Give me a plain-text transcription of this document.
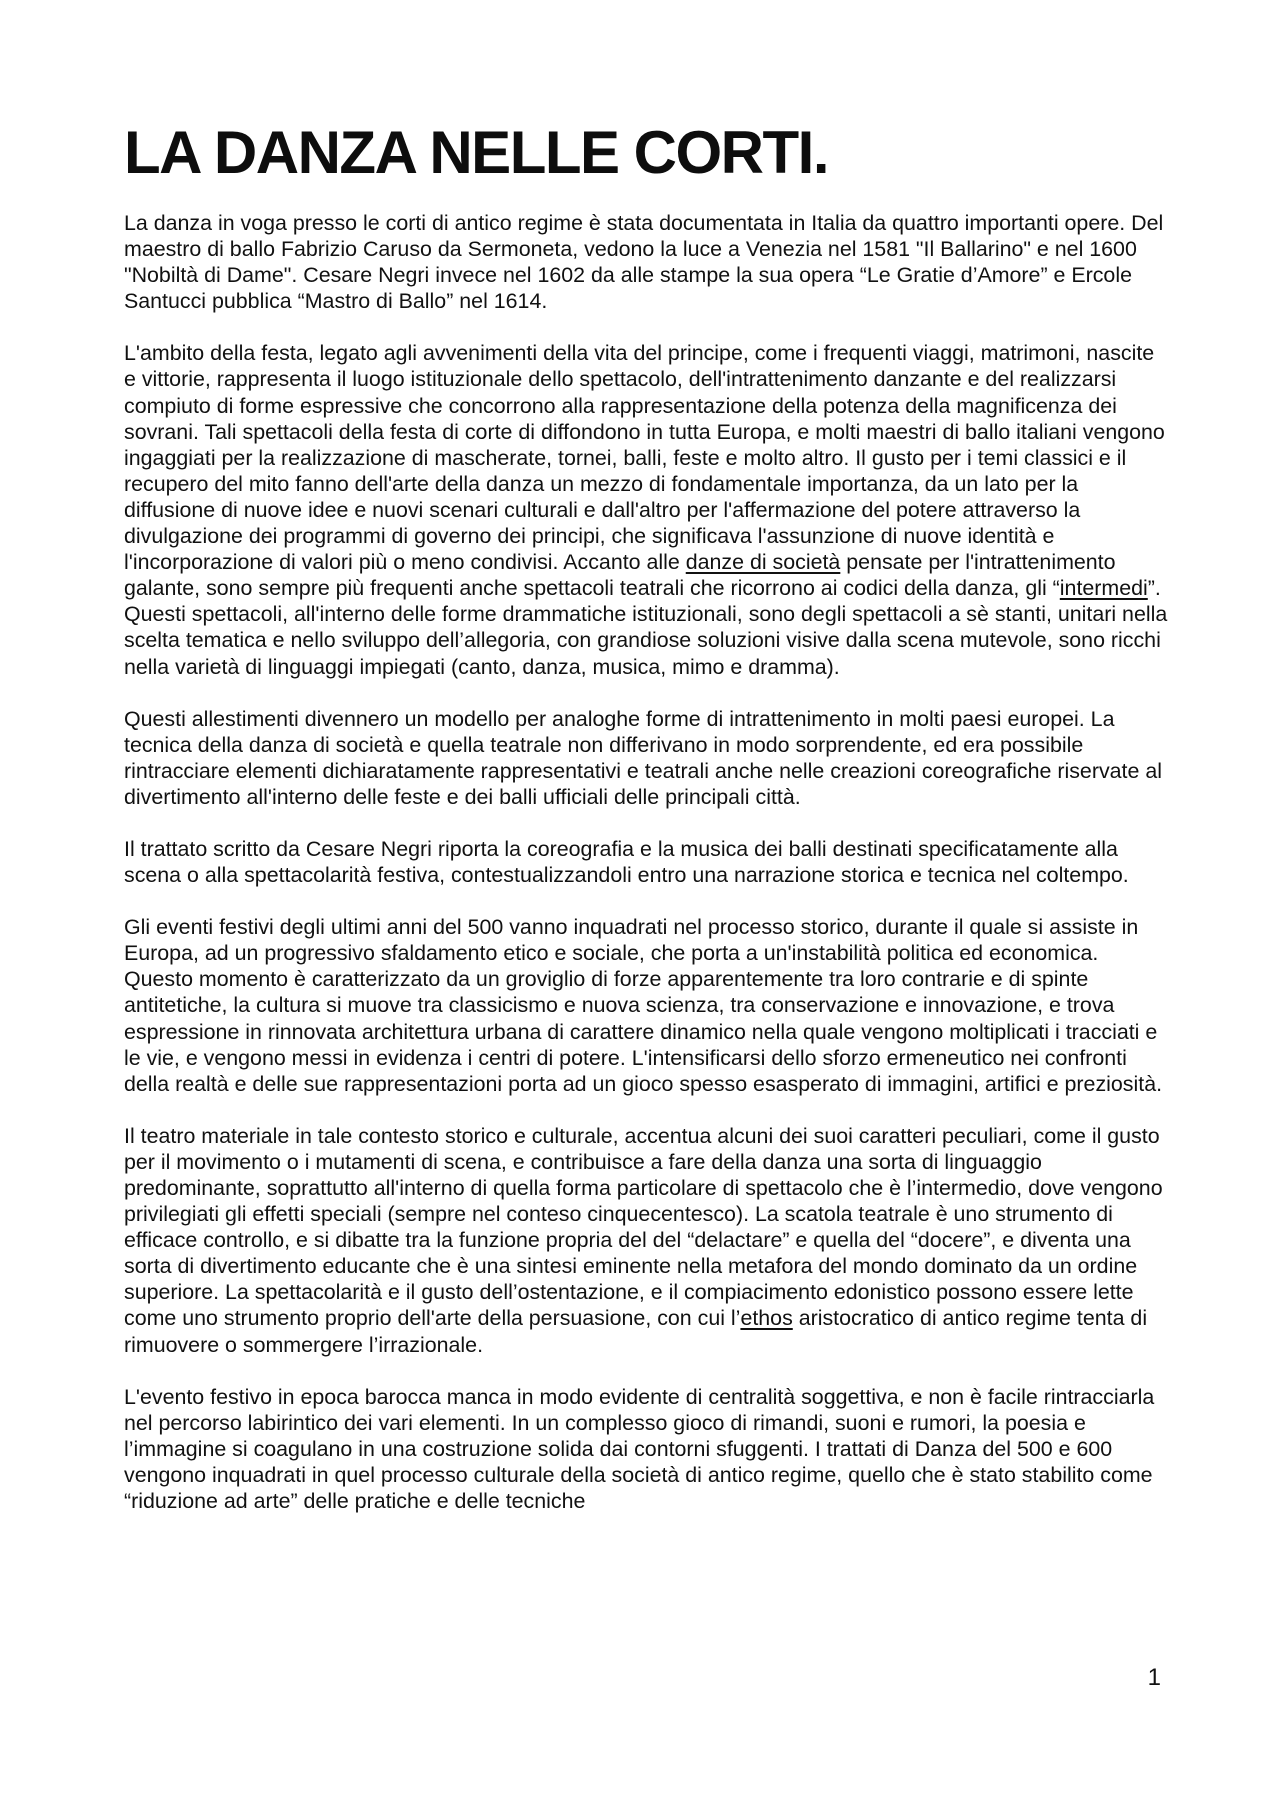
LA DANZA NELLE CORTI.

La danza in voga presso le corti di antico regime è stata documentata in Italia da quattro importanti opere. Del maestro di ballo Fabrizio Caruso da Sermoneta, vedono la luce a Venezia nel 1581 "Il Ballarino" e nel 1600 "Nobiltà di Dame". Cesare Negri invece nel 1602 da alle stampe la sua opera “Le Gratie d’Amore” e Ercole Santucci pubblica “Mastro di Ballo” nel 1614.

L'ambito della festa, legato agli avvenimenti della vita del principe, come i frequenti viaggi, matrimoni, nascite e vittorie, rappresenta il luogo istituzionale dello spettacolo, dell'intrattenimento danzante e del realizzarsi compiuto di forme espressive che concorrono alla rappresentazione della potenza della magnificenza dei sovrani. Tali spettacoli della festa di corte di diffondono in tutta Europa, e molti maestri di ballo italiani vengono ingaggiati per la realizzazione di mascherate, tornei, balli, feste e molto altro. Il gusto per i temi classici e il recupero del mito fanno dell'arte della danza un mezzo di fondamentale importanza, da un lato per la diffusione di nuove idee e nuovi scenari culturali e dall'altro per l'affermazione del potere attraverso la divulgazione dei programmi di governo dei principi, che significava l'assunzione di nuove identità e l'incorporazione di valori più o meno condivisi. Accanto alle danze di società pensate per l'intrattenimento galante, sono sempre più frequenti anche spettacoli teatrali che ricorrono ai codici della danza, gli “intermedi”. Questi spettacoli, all'interno delle forme drammatiche istituzionali, sono degli spettacoli a sè stanti, unitari nella scelta tematica e nello sviluppo dell’allegoria, con grandiose soluzioni visive dalla scena mutevole, sono ricchi nella varietà di linguaggi impiegati (canto, danza, musica, mimo e dramma).

Questi allestimenti divennero un modello per analoghe forme di intrattenimento in molti paesi europei. La tecnica della danza di società e quella teatrale non differivano in modo sorprendente, ed era possibile rintracciare elementi dichiaratamente rappresentativi e teatrali anche nelle creazioni coreografiche riservate al divertimento all'interno delle feste e dei balli ufficiali delle principali città.

Il trattato scritto da Cesare Negri riporta la coreografia e la musica dei balli destinati specificatamente alla scena o alla spettacolarità festiva, contestualizzandoli entro una narrazione storica e tecnica nel coltempo.

Gli eventi festivi degli ultimi anni del 500 vanno inquadrati nel processo storico, durante il quale si assiste in Europa, ad un progressivo sfaldamento etico e sociale, che porta a un'instabilità politica ed economica. Questo momento è caratterizzato da un groviglio di forze apparentemente tra loro contrarie e di spinte antitetiche, la cultura si muove tra classicismo e nuova scienza, tra conservazione e innovazione, e trova espressione in rinnovata architettura urbana di carattere dinamico nella quale vengono moltiplicati i tracciati e le vie, e vengono messi in evidenza i centri di potere. L'intensificarsi dello sforzo ermeneutico nei confronti della realtà e delle sue rappresentazioni porta ad un gioco spesso esasperato di immagini, artifici e preziosità.

Il teatro materiale in tale contesto storico e culturale, accentua alcuni dei suoi caratteri peculiari, come il gusto per il movimento o i mutamenti di scena, e contribuisce a fare della danza una sorta di linguaggio predominante, soprattutto all'interno di quella forma particolare di spettacolo che è l’intermedio, dove vengono privilegiati gli effetti speciali (sempre nel conteso cinquecentesco). La scatola teatrale è uno strumento di efficace controllo, e si dibatte tra la funzione propria del del “delactare” e quella del “docere”, e diventa una sorta di divertimento educante che è una sintesi eminente nella metafora del mondo dominato da un ordine superiore. La spettacolarità e il gusto dell’ostentazione, e il compiacimento edonistico possono essere lette come uno strumento proprio dell'arte della persuasione, con cui l’ethos aristocratico di antico regime tenta di rimuovere o sommergere l’irrazionale.

L'evento festivo in epoca barocca manca in modo evidente di centralità soggettiva, e non è facile rintracciarla nel percorso labirintico dei vari elementi. In un complesso gioco di rimandi, suoni e rumori, la poesia e l’immagine si coagulano in una costruzione solida dai contorni sfuggenti. I trattati di Danza del 500 e 600 vengono inquadrati in quel processo culturale della società di antico regime, quello che è stato stabilito come “riduzione ad arte” delle pratiche e delle tecniche

1
